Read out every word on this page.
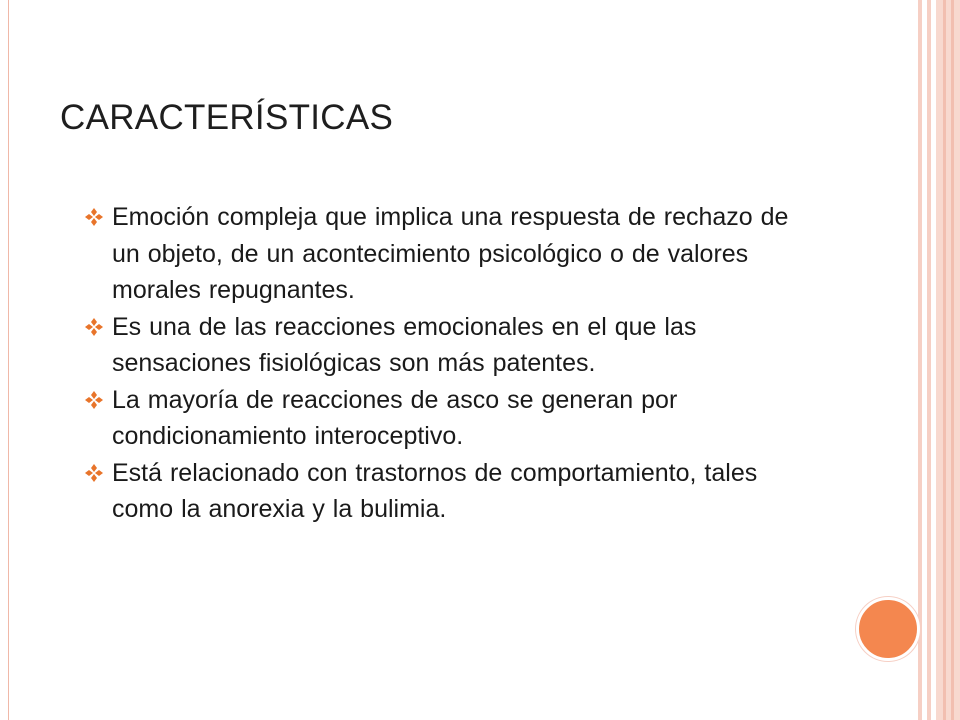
CARACTERÍSTICAS
Emoción compleja que implica una respuesta de rechazo de un objeto, de un acontecimiento psicológico o de valores morales repugnantes.
Es una de las reacciones emocionales en el que las sensaciones fisiológicas son más patentes.
La mayoría de reacciones de asco se generan por condicionamiento interoceptivo.
Está relacionado con trastornos de comportamiento, tales como la anorexia y la bulimia.
